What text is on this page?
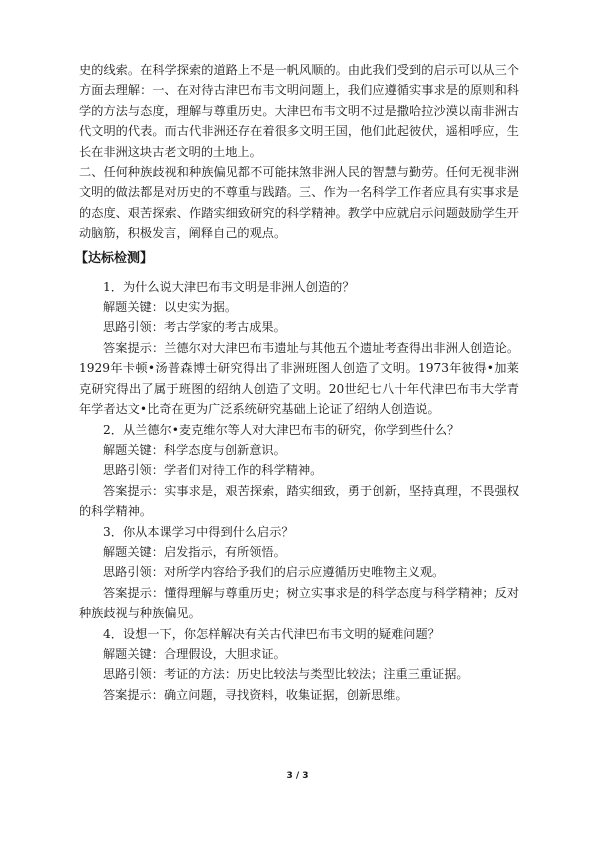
史的线索。在科学探索的道路上不是一帆风顺的。由此我们受到的启示可以从三个方面去理解：一、在对待古津巴布韦文明问题上，我们应遵循实事求是的原则和科学的方法与态度，理解与尊重历史。大津巴布韦文明不过是撒哈拉沙漠以南非洲古代文明的代表。而古代非洲还存在着很多文明王国，他们此起彼伏，遥相呼应，生长在非洲这块古老文明的土地上。

二、任何种族歧视和种族偏见都不可能抹煞非洲人民的智慧与勤劳。任何无视非洲文明的做法都是对历史的不尊重与践踏。三、作为一名科学工作者应具有实事求是的态度、艰苦探索、作踏实细致研究的科学精神。教学中应就启示问题鼓励学生开动脑筋，积极发言，阐释自己的观点。

【达标检测】

1．为什么说大津巴布韦文明是非洲人创造的？

解题关键：以史实为据。

思路引领：考古学家的考古成果。

答案提示：兰德尔对大津巴布韦遗址与其他五个遗址考查得出非洲人创造论。1929年卡顿•汤普森博士研究得出了非洲班图人创造了文明。1973年彼得•加莱克研究得出了属于班图的绍纳人创造了文明。20世纪七八十年代津巴布韦大学青年学者达文•比奇在更为广泛系统研究基础上论证了绍纳人创造说。

2．从兰德尔•麦克维尔等人对大津巴布韦的研究，你学到些什么？

解题关键：科学态度与创新意识。

思路引领：学者们对待工作的科学精神。

答案提示：实事求是，艰苦探索，踏实细致，勇于创新，坚持真理，不畏强权的科学精神。

3．你从本课学习中得到什么启示？

解题关键：启发指示，有所领悟。

思路引领：对所学内容给予我们的启示应遵循历史唯物主义观。

答案提示：懂得理解与尊重历史；树立实事求是的科学态度与科学精神；反对种族歧视与种族偏见。

4．设想一下，你怎样解决有关古代津巴布韦文明的疑难问题？

解题关键：合理假设，大胆求证。

思路引领：考证的方法：历史比较法与类型比较法；注重三重证据。

答案提示：确立问题，寻找资料，收集证据，创新思维。

3 / 3
